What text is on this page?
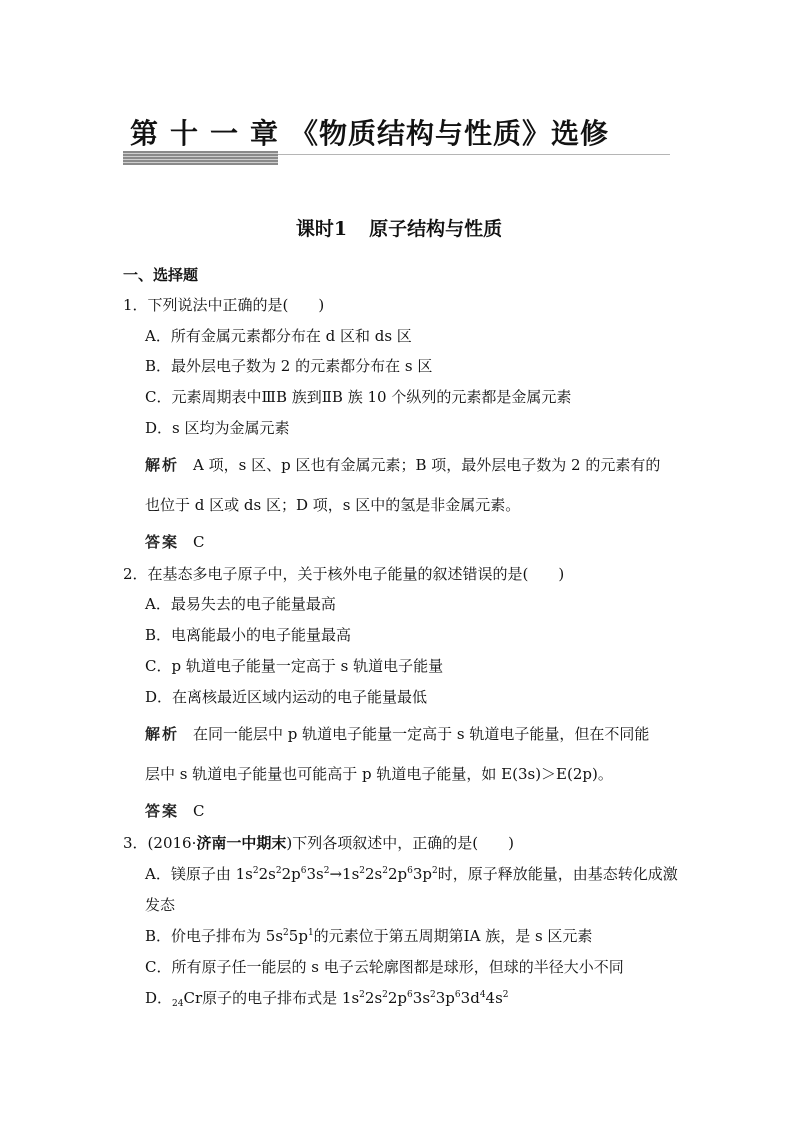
第十一章《物质结构与性质》选修
课时1 原子结构与性质
一、选择题
1．下列说法中正确的是(　　)
A．所有金属元素都分布在 d 区和 ds 区
B．最外层电子数为 2 的元素都分布在 s 区
C．元素周期表中ⅢB 族到ⅡB 族 10 个纵列的元素都是金属元素
D．s 区均为金属元素
解析 A 项，s 区、p 区也有金属元素；B 项，最外层电子数为 2 的元素有的
也位于 d 区或 ds 区；D 项，s 区中的氢是非金属元素。
答案 C
2．在基态多电子原子中，关于核外电子能量的叙述错误的是(　　)
A．最易失去的电子能量最高
B．电离能最小的电子能量最高
C．p 轨道电子能量一定高于 s 轨道电子能量
D．在离核最近区域内运动的电子能量最低
解析 在同一能层中 p 轨道电子能量一定高于 s 轨道电子能量，但在不同能
层中 s 轨道电子能量也可能高于 p 轨道电子能量，如 E(3s)＞E(2p)。
答案 C
3．(2016·济南一中期末)下列各项叙述中，正确的是(　　)
A．镁原子由 $1s^22s^22p^63s^2\to 1s^22s^22p^63p^2$时，原子释放能量，由基态转化成激
发态
B．价电子排布为 $5s^25p^1$的元素位于第五周期第ⅠA 族，是 s 区元素
C．所有原子任一能层的 s 电子云轮廓图都是球形，但球的半径大小不同
D．$_{24}$Cr原子的电子排布式是 $1s^22s^22p^63s^23p^63d^44s^2$
